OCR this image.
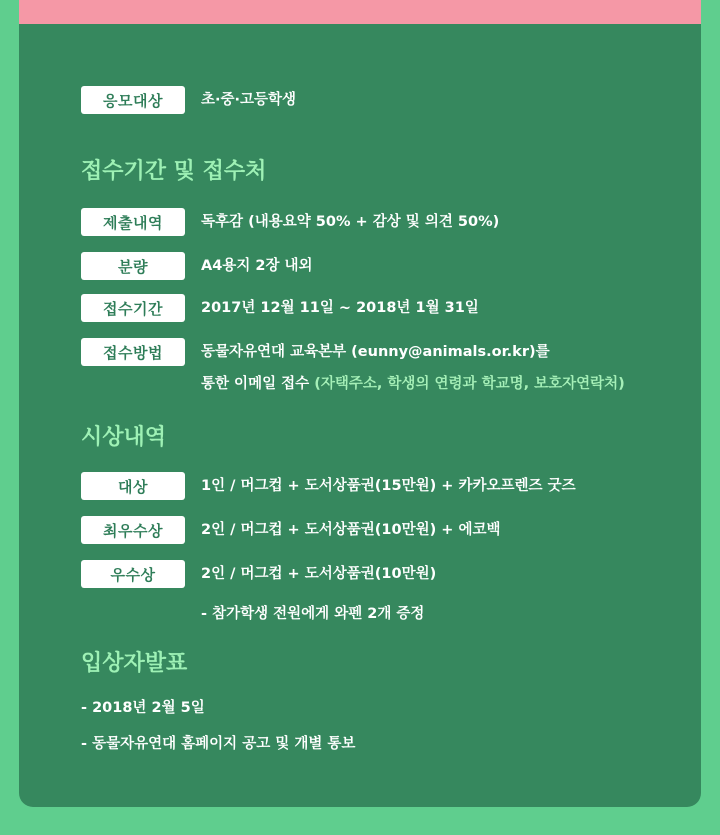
응모대상	초·중·고등학생
접수기간 및 접수처
제출내역	독후감 (내용요약 50% + 감상 및 의견 50%)
분량	A4용지 2장 내외
접수기간	2017년 12월 11일 ~ 2018년 1월 31일
접수방법	동물자유연대 교육본부 (eunny@animals.or.kr)를
통한 이메일 접수 (자택주소, 학생의 연령과 학교명, 보호자연락처)
시상내역
대상	1인 / 머그컵 + 도서상품권(15만원) + 카카오프렌즈 굿즈
최우수상	2인 / 머그컵 + 도서상품권(10만원) + 에코백
우수상	2인 / 머그컵 + 도서상품권(10만원)
- 참가학생 전원에게 와펜 2개 증정
입상자발표
- 2018년 2월 5일
- 동물자유연대 홈페이지 공고 및 개별 통보
